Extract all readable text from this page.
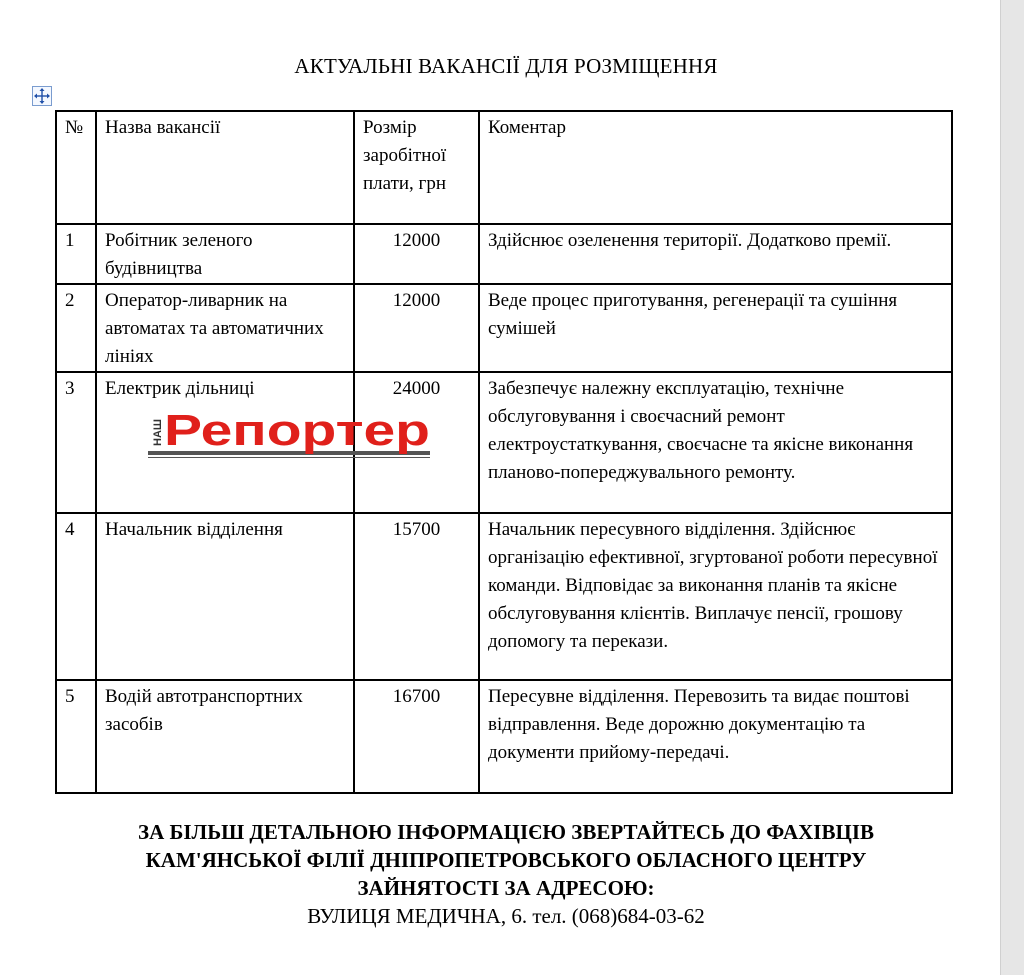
АКТУАЛЬНІ ВАКАНСІЇ ДЛЯ РОЗМІЩЕННЯ
№	Назва вакансії	Розмір заробітної плати, грн	Коментар
1	Робітник зеленого будівництва	12000	Здійснює озеленення території. Додатково премії.
2	Оператор-ливарник на автоматах та автоматичних лініях	12000	Веде процес приготування, регенерації та сушіння сумішей
3	Електрик дільниці	24000	Забезпечує належну експлуатацію, технічне обслуговування і своєчасний ремонт електроустаткування, своєчасне та якісне виконання планово-попереджувального ремонту.
4	Начальник відділення	15700	Начальник пересувного відділення. Здійснює організацію ефективної, згуртованої роботи пересувної команди. Відповідає за виконання планів та якісне обслуговування клієнтів. Виплачує пенсії, грошову допомогу та перекази.
5	Водій автотранспортних засобів	16700	Пересувне відділення. Перевозить та видає поштові відправлення. Веде дорожню документацію та документи прийому-передачі.
НАШ Репортер
ЗА БІЛЬШ ДЕТАЛЬНОЮ ІНФОРМАЦІЄЮ ЗВЕРТАЙТЕСЬ ДО ФАХІВЦІВ
КАМ'ЯНСЬКОЇ ФІЛІЇ ДНІПРОПЕТРОВСЬКОГО ОБЛАСНОГО ЦЕНТРУ
ЗАЙНЯТОСТІ ЗА АДРЕСОЮ:
ВУЛИЦЯ МЕДИЧНА, 6. тел. (068)684-03-62
